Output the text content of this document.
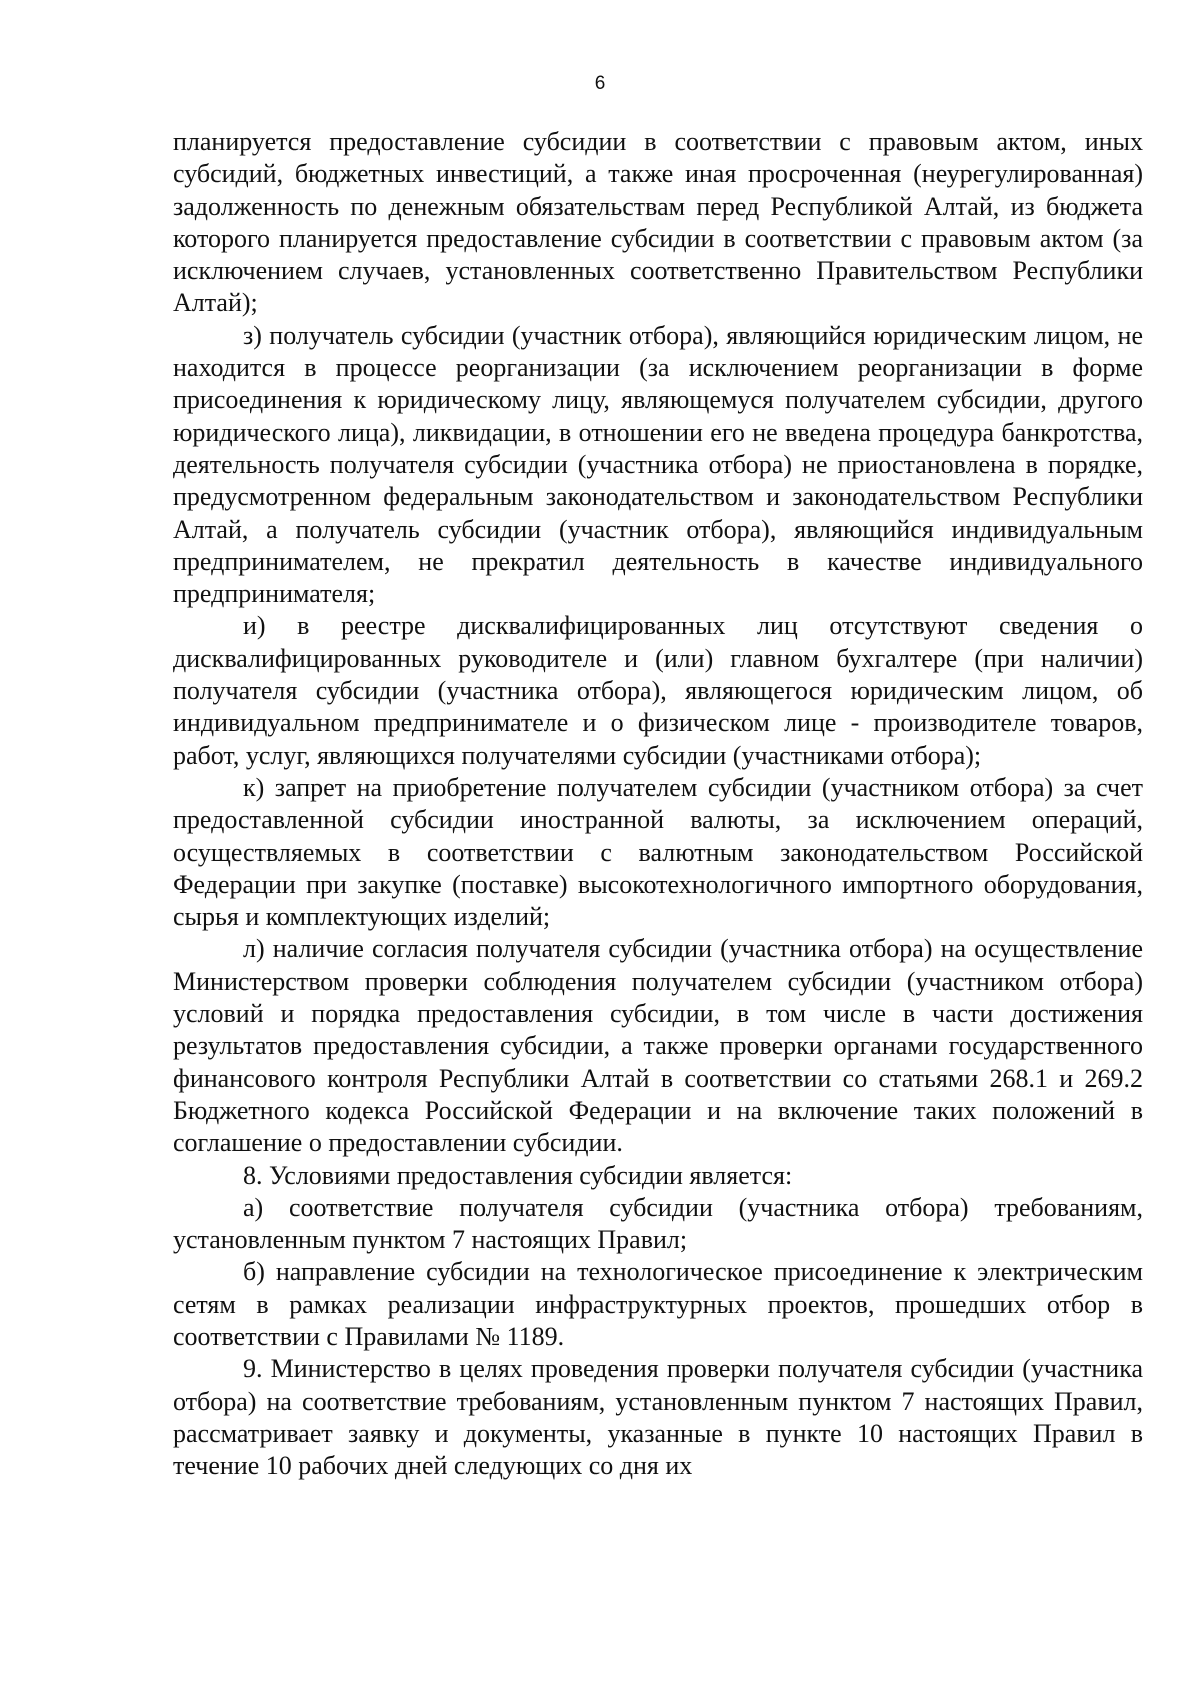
6

планируется предоставление субсидии в соответствии с правовым актом, иных субсидий, бюджетных инвестиций, а также иная просроченная (неурегулированная) задолженность по денежным обязательствам перед Республикой Алтай, из бюджета которого планируется предоставление субсидии в соответствии с правовым актом (за исключением случаев, установленных соответственно Правительством Республики Алтай);

з) получатель субсидии (участник отбора), являющийся юридическим лицом, не находится в процессе реорганизации (за исключением реорганизации в форме присоединения к юридическому лицу, являющемуся получателем субсидии, другого юридического лица), ликвидации, в отношении его не введена процедура банкротства, деятельность получателя субсидии (участника отбора) не приостановлена в порядке, предусмотренном федеральным законодательством и законодательством Республики Алтай, а получатель субсидии (участник отбора), являющийся индивидуальным предпринимателем, не прекратил деятельность в качестве индивидуального предпринимателя;

и) в реестре дисквалифицированных лиц отсутствуют сведения о дисквалифицированных руководителе и (или) главном бухгалтере (при наличии) получателя субсидии (участника отбора), являющегося юридическим лицом, об индивидуальном предпринимателе и о физическом лице - производителе товаров, работ, услуг, являющихся получателями субсидии (участниками отбора);

к) запрет на приобретение получателем субсидии (участником отбора) за счет предоставленной субсидии иностранной валюты, за исключением операций, осуществляемых в соответствии с валютным законодательством Российской Федерации при закупке (поставке) высокотехнологичного импортного оборудования, сырья и комплектующих изделий;

л) наличие согласия получателя субсидии (участника отбора) на осуществление Министерством проверки соблюдения получателем субсидии (участником отбора) условий и порядка предоставления субсидии, в том числе в части достижения результатов предоставления субсидии, а также проверки органами государственного финансового контроля Республики Алтай в соответствии со статьями 268.1 и 269.2 Бюджетного кодекса Российской Федерации и на включение таких положений в соглашение о предоставлении субсидии.

8. Условиями предоставления субсидии является:

а) соответствие получателя субсидии (участника отбора) требованиям, установленным пунктом 7 настоящих Правил;

б) направление субсидии на технологическое присоединение к электрическим сетям в рамках реализации инфраструктурных проектов, прошедших отбор в соответствии с Правилами № 1189.

9. Министерство в целях проведения проверки получателя субсидии (участника отбора) на соответствие требованиям, установленным пунктом 7 настоящих Правил, рассматривает заявку и документы, указанные в пункте 10 настоящих Правил в течение 10 рабочих дней следующих со дня их
